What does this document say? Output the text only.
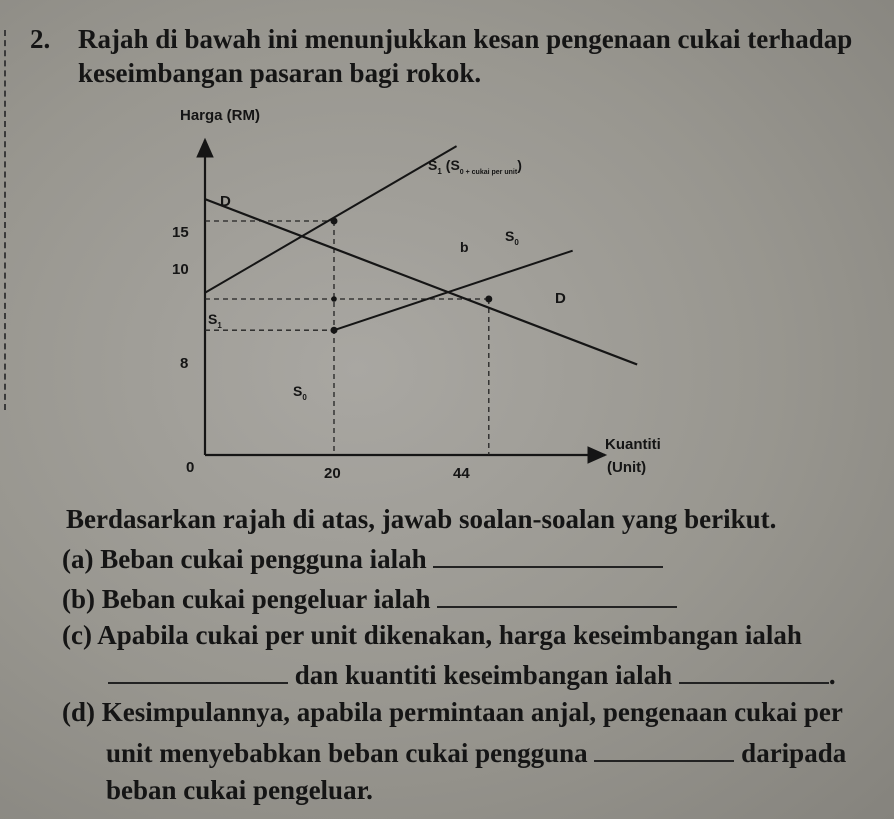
2. Rajah di bawah ini menunjukkan kesan pengenaan cukai terhadap
keseimbangan pasaran bagi rokok.
Harga (RM)
Kuantiti
(Unit)
0	20	44
15
10
8
$S_1$ $(S_{0 + cukai per unit})$
D
$S_0$
b
D
$S_1$
$S_0$
Berdasarkan rajah di atas, jawab soalan-soalan yang berikut.
(a) Beban cukai pengguna ialah
(b) Beban cukai pengeluar ialah
(c) Apabila cukai per unit dikenakan, harga keseimbangan ialah
dan kuantiti keseimbangan ialah	.
(d) Kesimpulannya, apabila permintaan anjal, pengenaan cukai per
unit menyebabkan beban cukai pengguna	daripada
beban cukai pengeluar.
